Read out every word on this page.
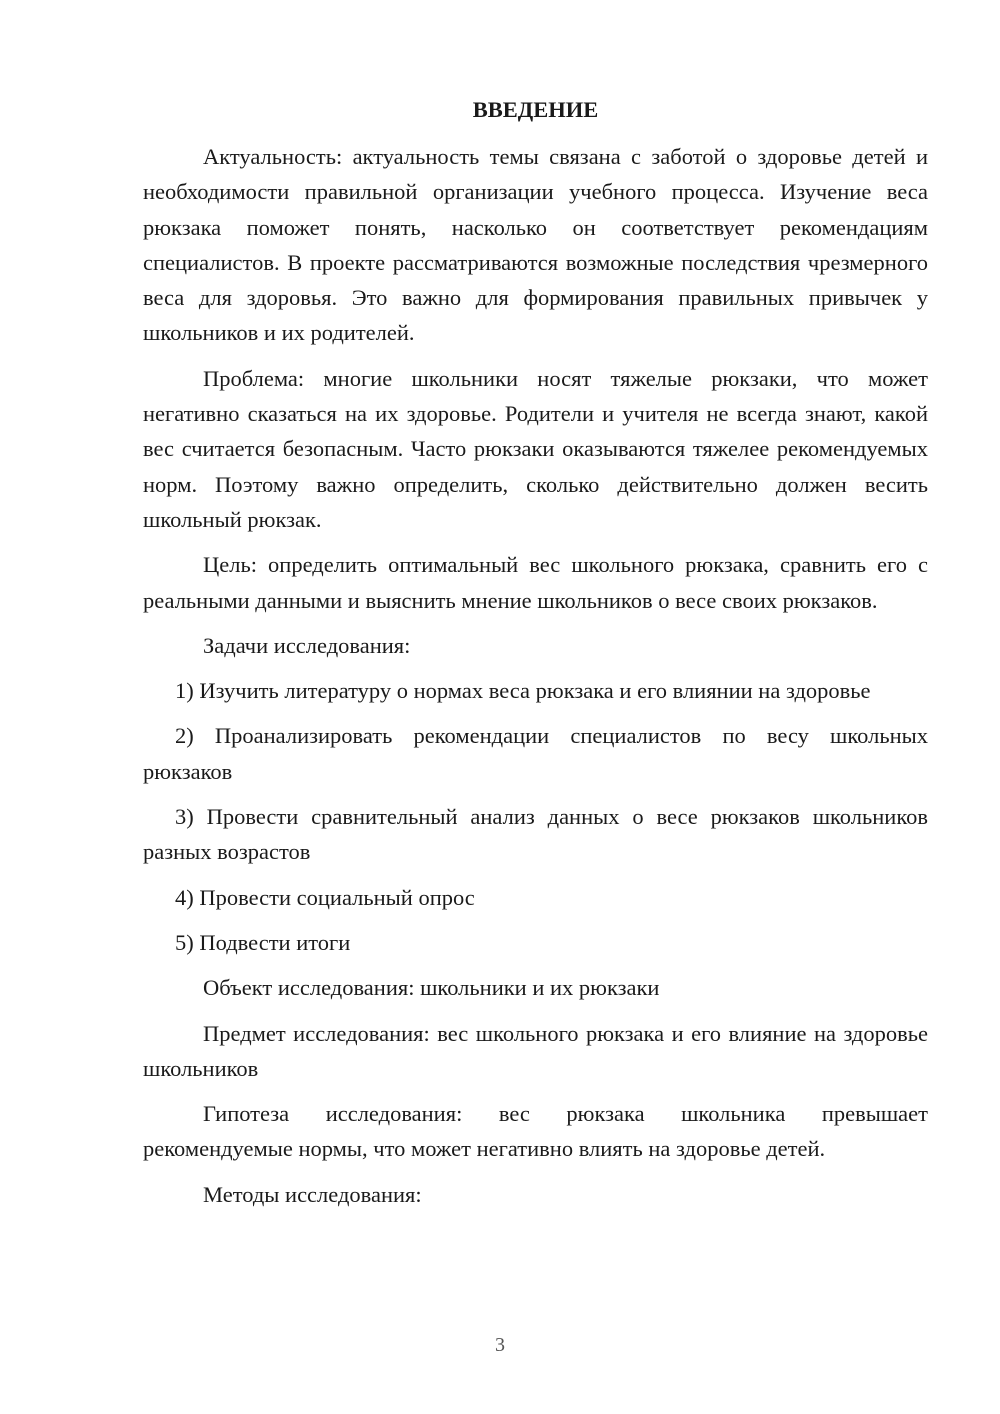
ВВЕДЕНИЕ

Актуальность: актуальность темы связана с заботой о здоровье детей и необходимости правильной организации учебного процесса. Изучение веса рюкзака поможет понять, насколько он соответствует рекомендациям специалистов. В проекте рассматриваются возможные последствия чрезмерного веса для здоровья. Это важно для формирования правильных привычек у школьников и их родителей.

Проблема: многие школьники носят тяжелые рюкзаки, что может негативно сказаться на их здоровье. Родители и учителя не всегда знают, какой вес считается безопасным. Часто рюкзаки оказываются тяжелее рекомендуемых норм. Поэтому важно определить, сколько действительно должен весить школьный рюкзак.

Цель: определить оптимальный вес школьного рюкзака, сравнить его с реальными данными и выяснить мнение школьников о весе своих рюкзаков.

Задачи исследования:

1) Изучить литературу о нормах веса рюкзака и его влиянии на здоровье

2) Проанализировать рекомендации специалистов по весу школьных рюкзаков

3) Провести сравнительный анализ данных о весе рюкзаков школьников разных возрастов

4) Провести социальный опрос

5) Подвести итоги

Объект исследования: школьники и их рюкзаки

Предмет исследования: вес школьного рюкзака и его влияние на здоровье школьников

Гипотеза исследования: вес рюкзака школьника превышает рекомендуемые нормы, что может негативно влиять на здоровье детей.

Методы исследования:

3
